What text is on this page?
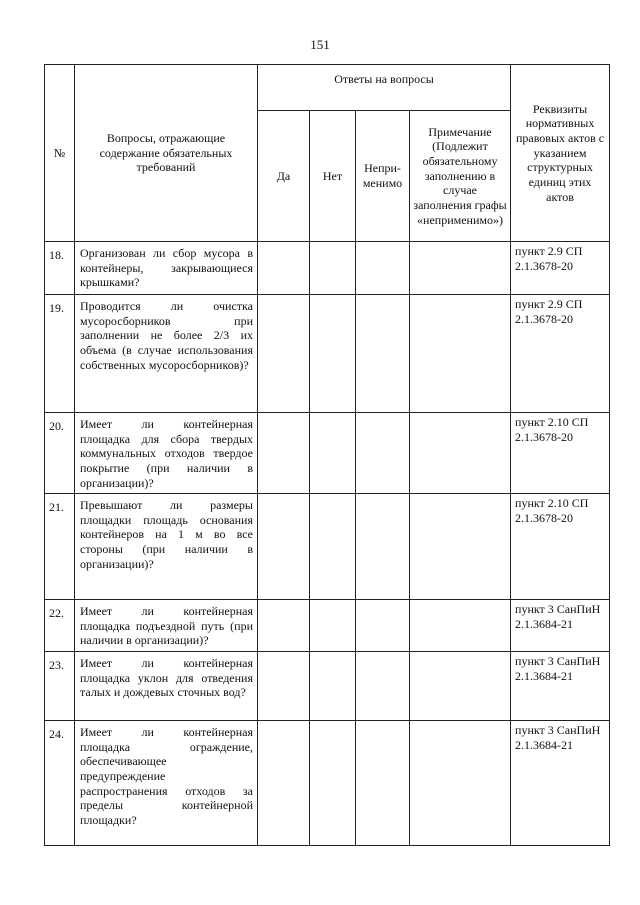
151
№	Вопросы, отражающие содержание обязательных требований	Ответы на вопросы				Реквизиты нормативных правовых актов с указанием структурных единиц этих актов
		Да	Нет	Непри-менимо	Примечание (Подлежит обязательному заполнению в случае заполнения графы «неприменимо»)	
18.	Организован ли сбор мусора в контейнеры, закрывающиеся крышками?					пункт 2.9 СП 2.1.3678-20
19.	Проводится ли очистка мусоросборников при заполнении не более 2/3 их объема (в случае использования собственных мусоросборников)?					пункт 2.9 СП 2.1.3678-20
20.	Имеет ли контейнерная площадка для сбора твердых коммунальных отходов твердое покрытие (при наличии в организации)?					пункт 2.10 СП 2.1.3678-20
21.	Превышают ли размеры площадки площадь основания контейнеров на 1 м во все стороны (при наличии в организации)?					пункт 2.10 СП 2.1.3678-20
22.	Имеет ли контейнерная площадка подъездной путь (при наличии в организации)?					пункт 3 СанПиН 2.1.3684-21
23.	Имеет ли контейнерная площадка уклон для отведения талых и дождевых сточных вод?					пункт 3 СанПиН 2.1.3684-21
24.	Имеет ли контейнерная площадка ограждение, обеспечивающее предупреждение распространения отходов за пределы контейнерной площадки?					пункт 3 СанПиН 2.1.3684-21
